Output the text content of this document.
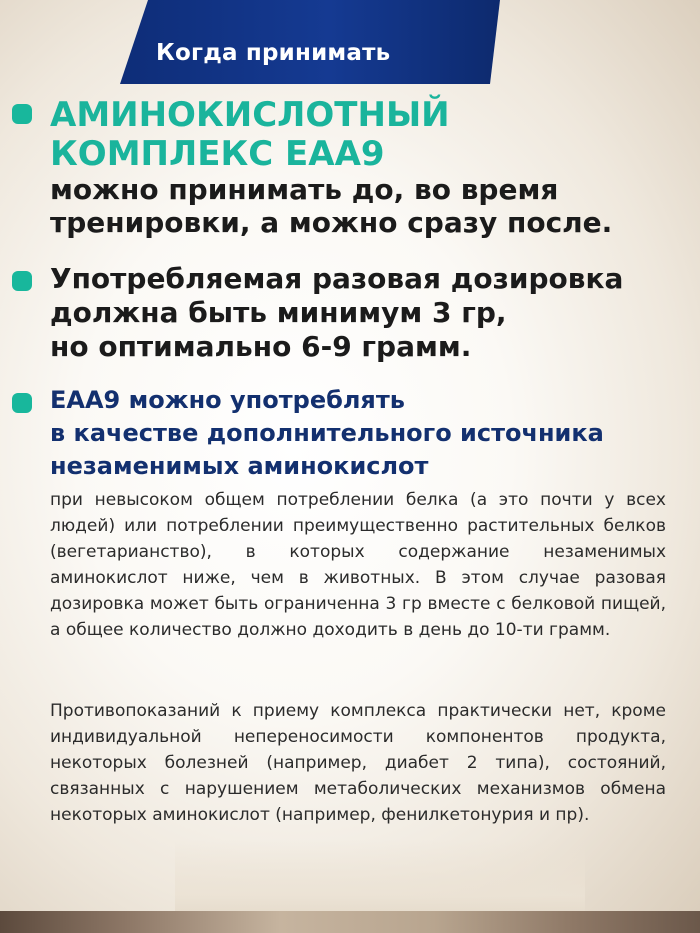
Когда принимать
АМИНОКИСЛОТНЫЙ
КОМПЛЕКС ЕАА9
можно принимать до, во время
тренировки, а можно сразу после.
Употребляемая разовая дозировка
должна быть минимум 3 гр,
но оптимально 6-9 грамм.
ЕАА9 можно употреблять
в качестве дополнительного источника
незаменимых аминокислот

при невысоком общем потреблении белка (а это почти у всех людей) или потреблении преимущественно растительных белков (вегетарианство), в которых содержание незаменимых аминокислот ниже, чем в животных. В этом случае разовая дозировка может быть ограниченна 3 гр вместе с белковой пищей, а общее количество должно доходить в день до 10-ти грамм.

Противопоказаний к приему комплекса практически нет, кроме индивидуальной непереносимости компонентов продукта, некоторых болезней (например, диабет 2 типа), состояний, связанных с нарушением метаболических механизмов обмена некоторых аминокислот (например, фенилкетонурия и пр).
